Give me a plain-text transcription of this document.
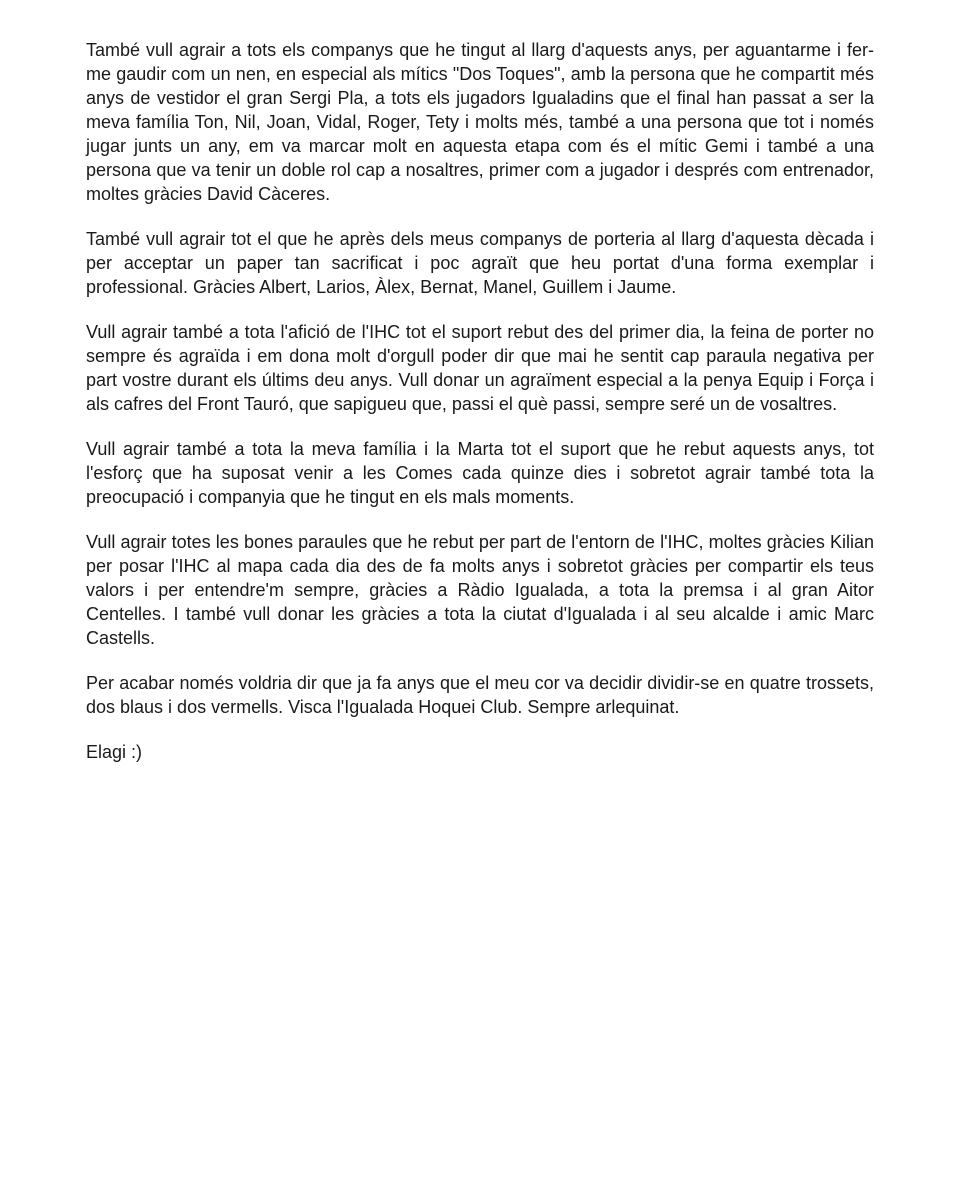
També vull agrair a tots els companys que he tingut al llarg d'aquests anys, per aguantarme i fer-me gaudir com un nen, en especial als mítics "Dos Toques", amb la persona que he compartit més anys de vestidor el gran Sergi Pla, a tots els jugadors Igualadins que el final han passat a ser la meva família Ton, Nil, Joan, Vidal, Roger, Tety i molts més, també a una persona que tot i només jugar junts un any, em va marcar molt en aquesta etapa com és el mític Gemi i també a una persona que va tenir un doble rol cap a nosaltres, primer com a jugador i després com entrenador, moltes gràcies David Càceres.

També vull agrair tot el que he après dels meus companys de porteria al llarg d'aquesta dècada i per acceptar un paper tan sacrificat i poc agraït que heu portat d'una forma exemplar i professional. Gràcies Albert, Larios, Àlex, Bernat, Manel, Guillem i Jaume.

Vull agrair també a tota l'afició de l'IHC tot el suport rebut des del primer dia, la feina de porter no sempre és agraïda i em dona molt d'orgull poder dir que mai he sentit cap paraula negativa per part vostre durant els últims deu anys. Vull donar un agraïment especial a la penya Equip i Força i als cafres del Front Tauró, que sapigueu que, passi el què passi, sempre seré un de vosaltres.

Vull agrair també a tota la meva família i la Marta tot el suport que he rebut aquests anys, tot l'esforç que ha suposat venir a les Comes cada quinze dies i sobretot agrair també tota la preocupació i companyia que he tingut en els mals moments.

Vull agrair totes les bones paraules que he rebut per part de l'entorn de l'IHC, moltes gràcies Kilian per posar l'IHC al mapa cada dia des de fa molts anys i sobretot gràcies per compartir els teus valors i per entendre'm sempre, gràcies a Ràdio Igualada, a tota la premsa i al gran Aitor Centelles. I també vull donar les gràcies a tota la ciutat d'Igualada i al seu alcalde i amic Marc Castells.

Per acabar només voldria dir que ja fa anys que el meu cor va decidir dividir-se en quatre trossets, dos blaus i dos vermells. Visca l'Igualada Hoquei Club. Sempre arlequinat.

Elagi :)
